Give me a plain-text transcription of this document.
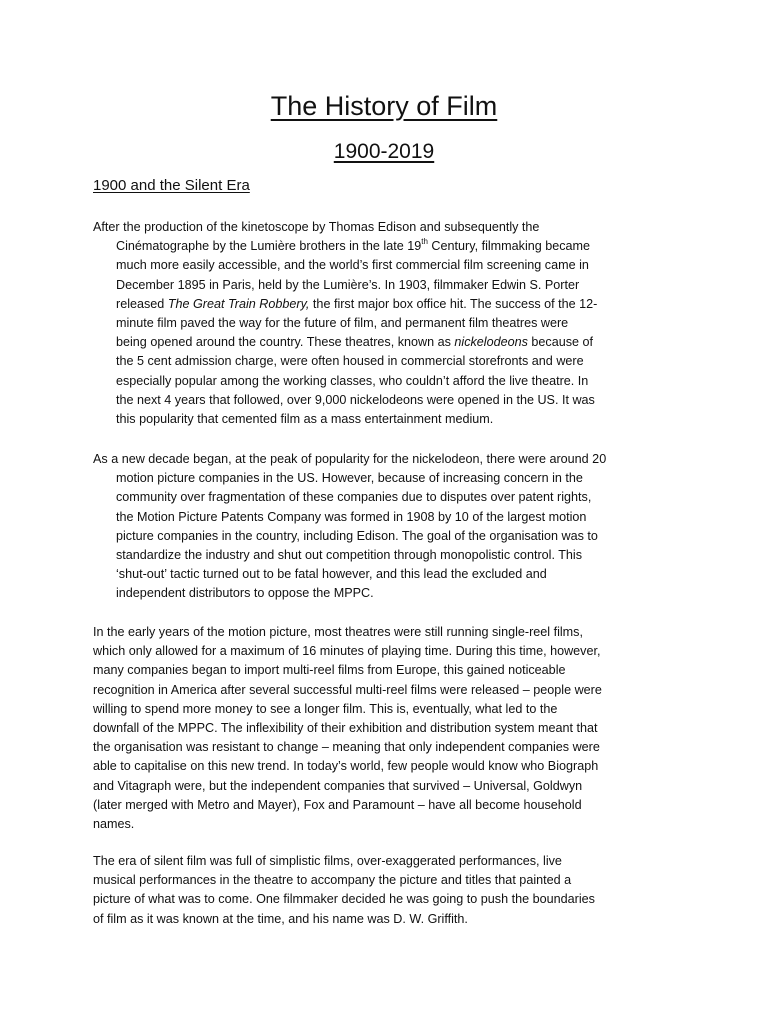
The History of Film
1900-2019
1900 and the Silent Era

After the production of the kinetoscope by Thomas Edison and subsequently the
Cinématographe by the Lumière brothers in the late 19th Century, filmmaking became
much more easily accessible, and the world’s first commercial film screening came in
December 1895 in Paris, held by the Lumière’s. In 1903, filmmaker Edwin S. Porter
released The Great Train Robbery, the first major box office hit. The success of the 12-
minute film paved the way for the future of film, and permanent film theatres were
being opened around the country. These theatres, known as nickelodeons because of
the 5 cent admission charge, were often housed in commercial storefronts and were
especially popular among the working classes, who couldn’t afford the live theatre. In
the next 4 years that followed, over 9,000 nickelodeons were opened in the US. It was
this popularity that cemented film as a mass entertainment medium.

As a new decade began, at the peak of popularity for the nickelodeon, there were around 20
motion picture companies in the US. However, because of increasing concern in the
community over fragmentation of these companies due to disputes over patent rights,
the Motion Picture Patents Company was formed in 1908 by 10 of the largest motion
picture companies in the country, including Edison. The goal of the organisation was to
standardize the industry and shut out competition through monopolistic control. This
‘shut-out’ tactic turned out to be fatal however, and this lead the excluded and
independent distributors to oppose the MPPC.

In the early years of the motion picture, most theatres were still running single-reel films,
which only allowed for a maximum of 16 minutes of playing time. During this time, however,
many companies began to import multi-reel films from Europe, this gained noticeable
recognition in America after several successful multi-reel films were released – people were
willing to spend more money to see a longer film. This is, eventually, what led to the
downfall of the MPPC. The inflexibility of their exhibition and distribution system meant that
the organisation was resistant to change – meaning that only independent companies were
able to capitalise on this new trend. In today’s world, few people would know who Biograph
and Vitagraph were, but the independent companies that survived – Universal, Goldwyn
(later merged with Metro and Mayer), Fox and Paramount – have all become household
names.

The era of silent film was full of simplistic films, over-exaggerated performances, live
musical performances in the theatre to accompany the picture and titles that painted a
picture of what was to come. One filmmaker decided he was going to push the boundaries
of film as it was known at the time, and his name was D. W. Griffith.
